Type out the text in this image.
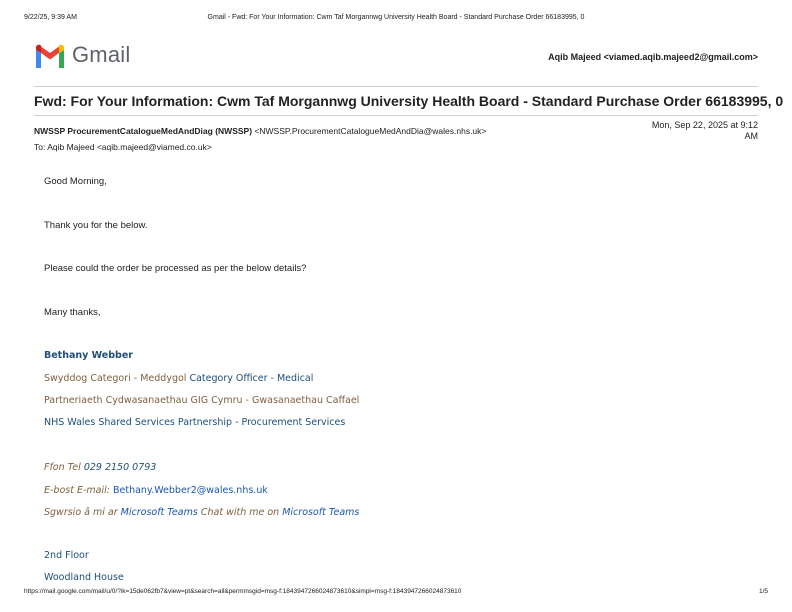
9/22/25, 9:39 AM	Gmail - Fwd: For Your Information: Cwm Taf Morgannwg University Health Board - Standard Purchase Order 66183995, 0
Gmail	Aqib Majeed <viamed.aqib.majeed2@gmail.com>
Fwd: For Your Information: Cwm Taf Morgannwg University Health Board - Standard Purchase Order 66183995, 0
NWSSP ProcurementCatalogueMedAndDiag (NWSSP) <NWSSP.ProcurementCatalogueMedAndDia@wales.nhs.uk>
To: Aqib Majeed <aqib.majeed@viamed.co.uk>
Mon, Sep 22, 2025 at 9:12
AM
Good Morning,
Thank you for the below.
Please could the order be processed as per the below details?
Many thanks,
Bethany Webber
Swyddog Categori - Meddygol Category Officer - Medical
Partneriaeth Cydwasanaethau GIG Cymru - Gwasanaethau Caffael
NHS Wales Shared Services Partnership - Procurement Services
Ffon Tel 029 2150 0793
E-bost E-mail: Bethany.Webber2@wales.nhs.uk
Sgwrsio â mi ar Microsoft Teams Chat with me on Microsoft Teams
2nd Floor
Woodland House
https://mail.google.com/mail/u/0/?ik=15de062fb7&view=pt&search=all&permmsgid=msg-f:1843947266024873610&simpl=msg-f:1843947266024873610	1/5
